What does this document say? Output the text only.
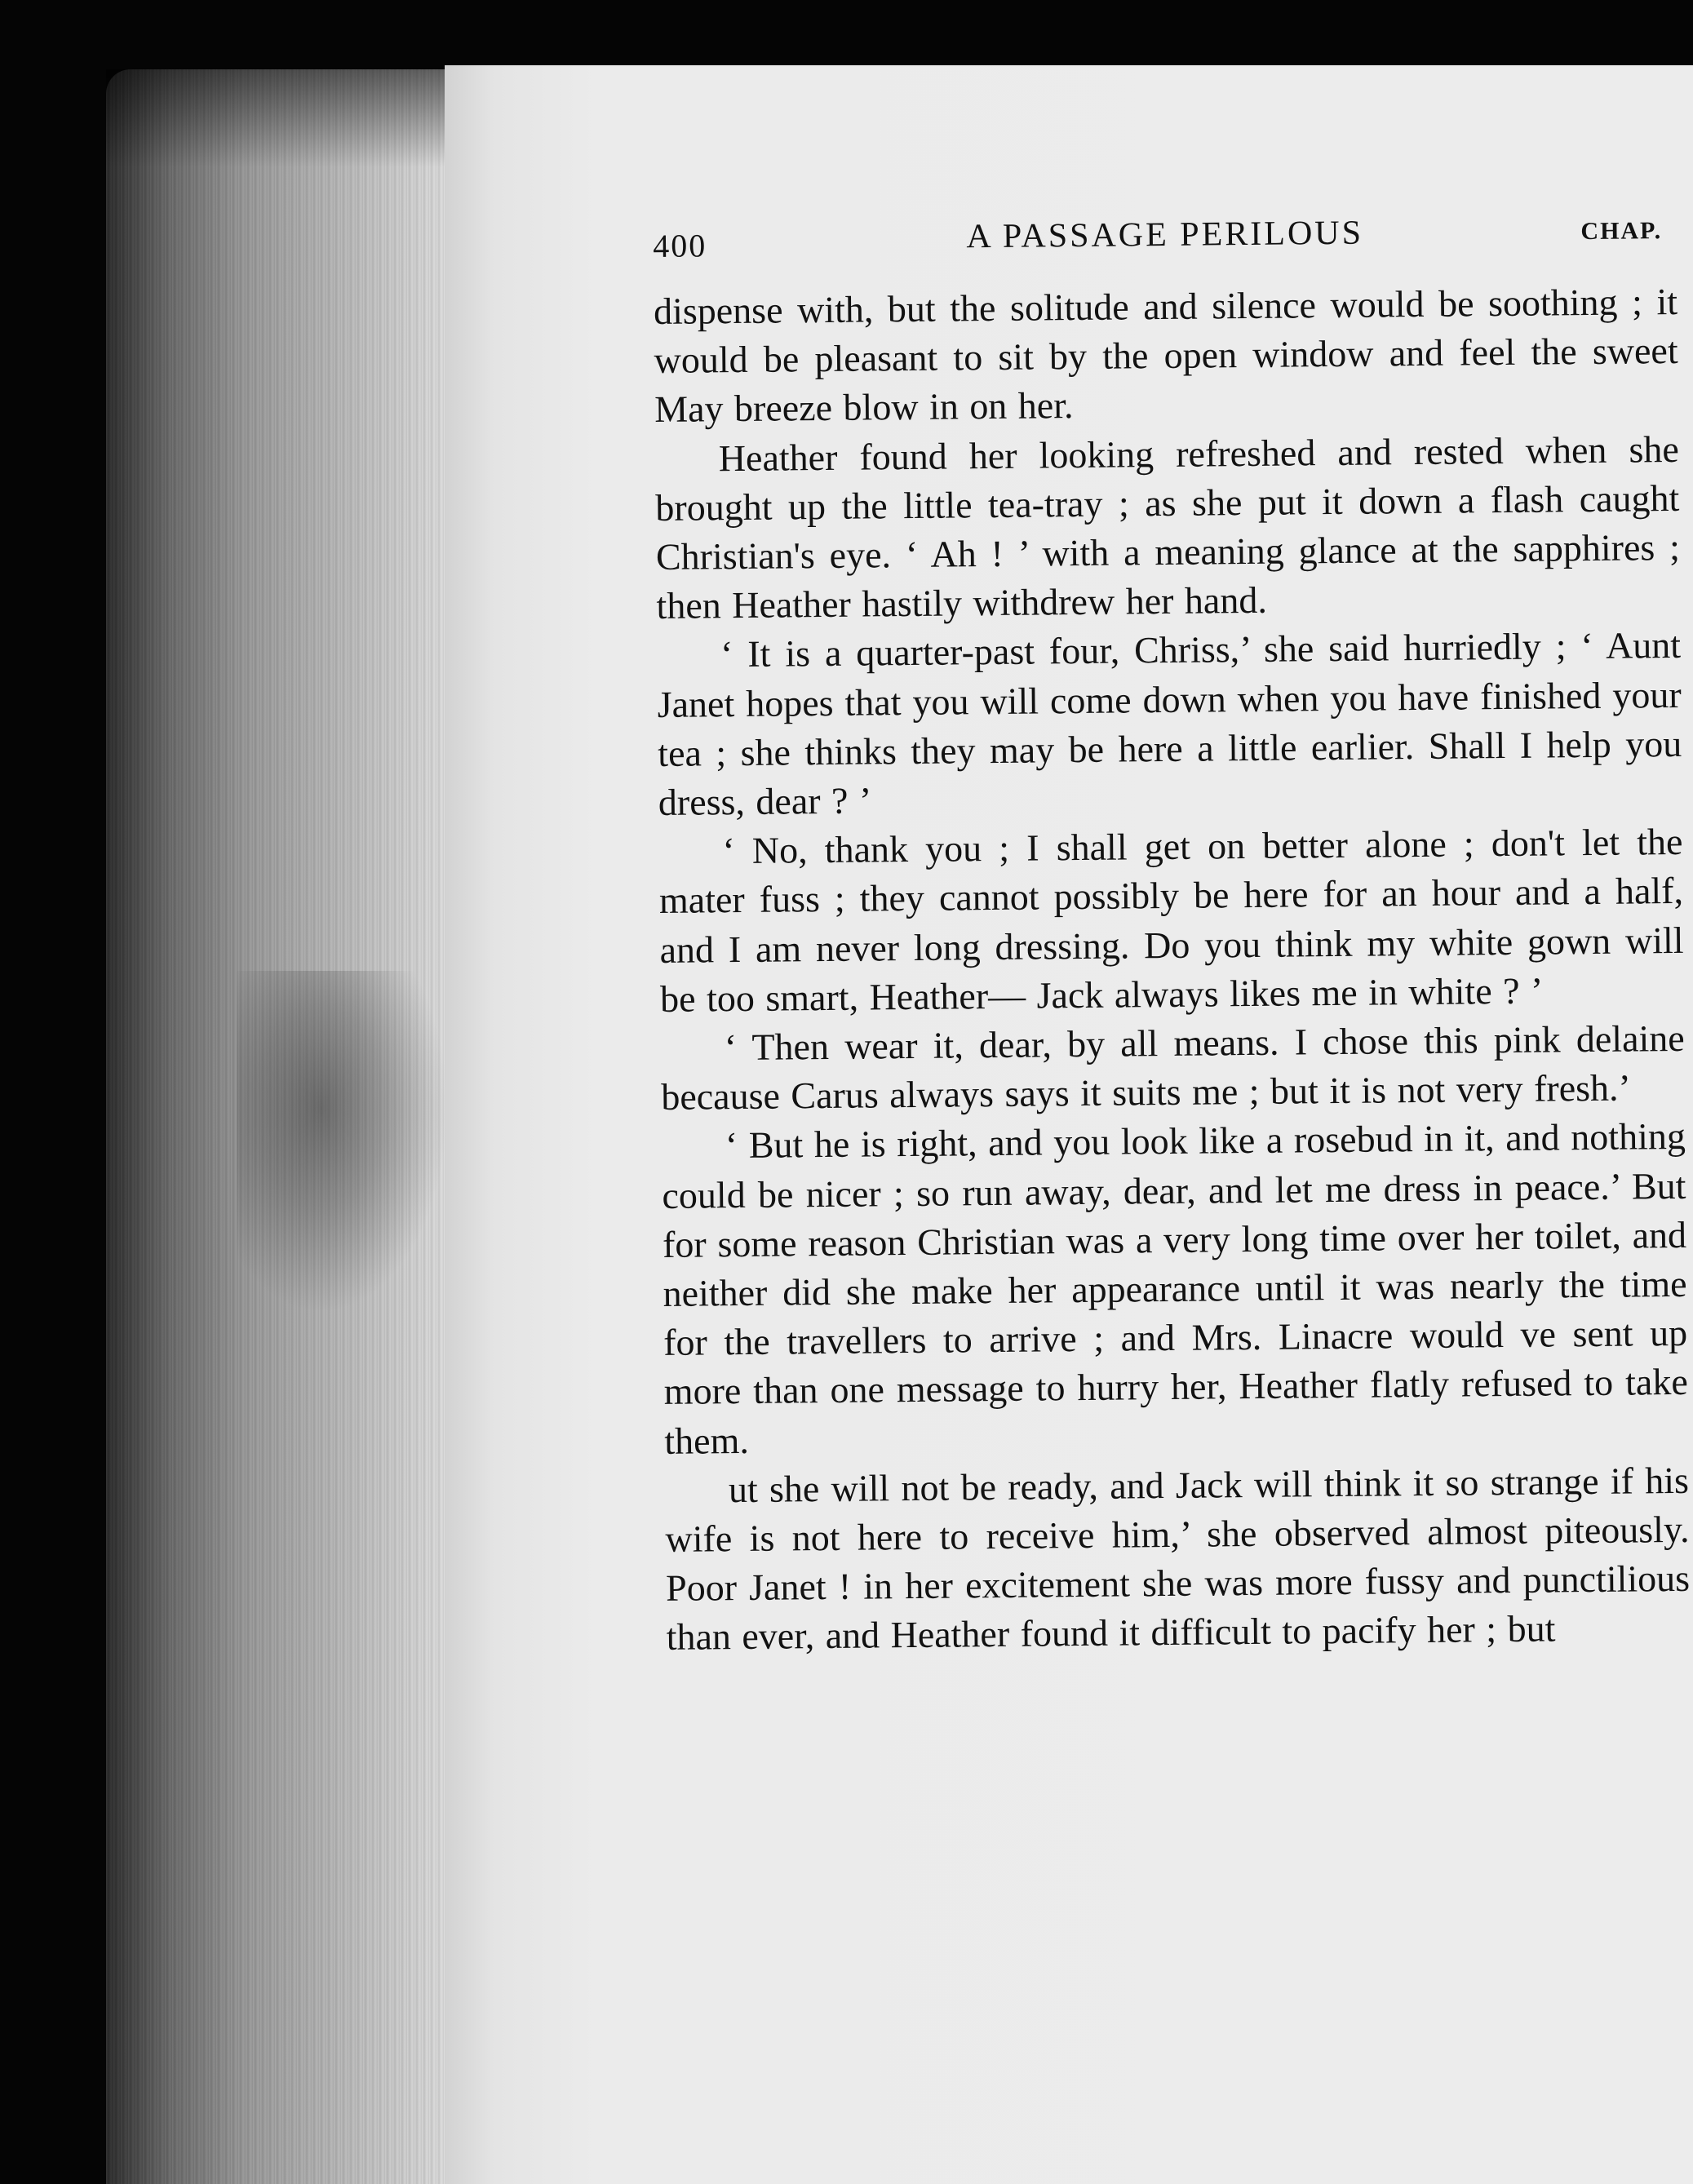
400	A PASSAGE PERILOUS	CHAP.

dispense with, but the solitude and silence would be soothing ; it would be pleasant to sit by the open window and feel the sweet May breeze blow in on her.

Heather found her looking refreshed and rested when she brought up the little tea-tray ; as she put it down a flash caught Christian's eye. ‘ Ah ! ’ with a meaning glance at the sapphires ; then Heather hastily withdrew her hand.

‘ It is a quarter-past four, Chriss,’ she said hurriedly ; ‘ Aunt Janet hopes that you will come down when you have finished your tea ; she thinks they may be here a little earlier. Shall I help you dress, dear ? ’

‘ No, thank you ; I shall get on better alone ; don't let the mater fuss ; they cannot possibly be here for an hour and a half, and I am never long dressing. Do you think my white gown will be too smart, Heather— Jack always likes me in white ? ’

‘ Then wear it, dear, by all means. I chose this pink delaine because Carus always says it suits me ; but it is not very fresh.’

‘ But he is right, and you look like a rosebud in it, and nothing could be nicer ; so run away, dear, and let me dress in peace.’ But for some reason Christian was a very long time over her toilet, and neither did she make her appearance until it was nearly the time for the travellers to arrive ; and Mrs. Linacre would ve sent up more than one message to hurry her, Heather flatly refused to take them.

ut she will not be ready, and Jack will think it so strange if his wife is not here to receive him,’ she observed almost piteously. Poor Janet ! in her excitement she was more fussy and punctilious than ever, and Heather found it difficult to pacify her ; but
